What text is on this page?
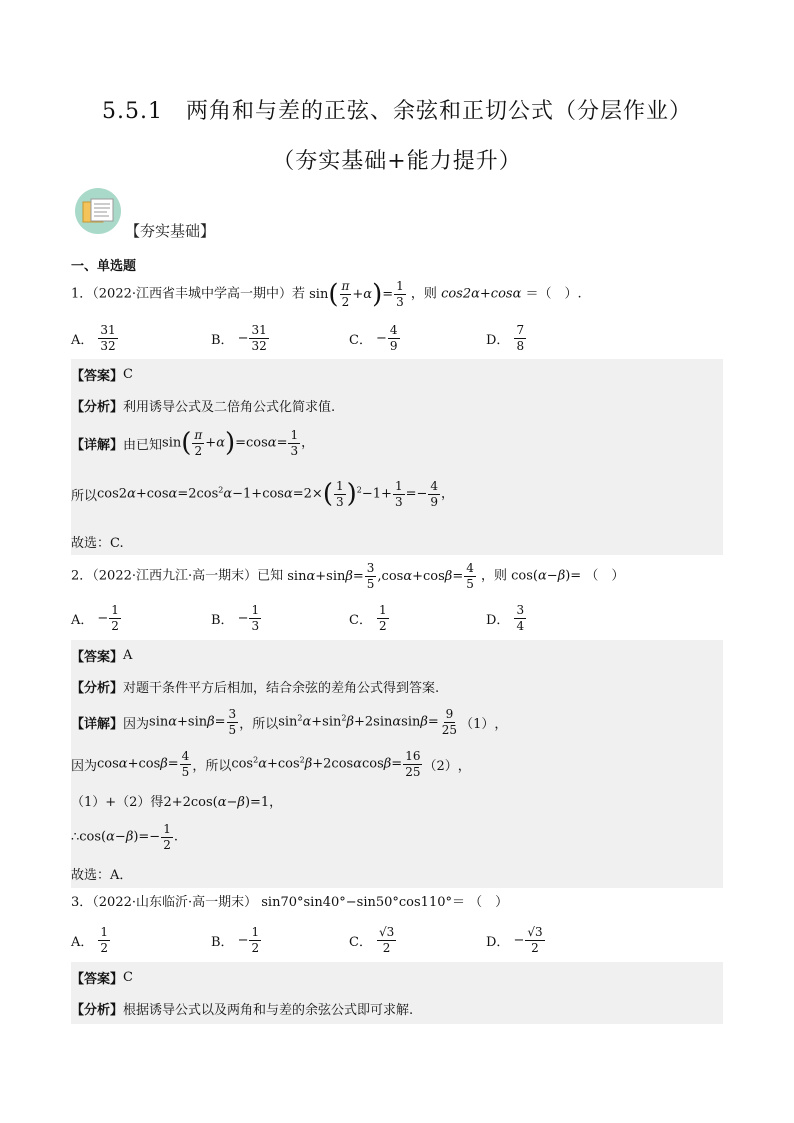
5.5.1　两角和与差的正弦、余弦和正切公式（分层作业）
（夯实基础+能力提升）
【夯实基础】
一、单选题
1．（2022·江西省丰城中学高一期中）若 $\sin( \frac{\pi}{2} +\alpha)= \frac{1}{3}$ ，则 cos2α+cosα ＝（　）.
A． $\frac{31}{32}$	B． − $\frac{31}{32}$	C． − $\frac{4}{9}$	D． $\frac{7}{8}$
【答案】 C
【分析】 利用诱导公式及二倍角公式化简求值.
【详解】 由已知 $\sin( \frac{\pi}{2} +\alpha)=\cos\alpha= \frac{1}{3}$ ，
所以 $\cos 2\alpha+\cos\alpha=2\cos^2\alpha-1+\cos\alpha=2\times( \frac{1}{3} )^2-1+ \frac{1}{3} =- \frac{4}{9}$ ，
故选：C.
2．（2022·江西九江·高一期末）已知 $\sin\alpha+\sin\beta= \frac{3}{5} ,\cos\alpha+\cos\beta= \frac{4}{5}$ ，则 cos(α−β)= （　）
A． − $\frac{1}{2}$	B． − $\frac{1}{3}$	C． $\frac{1}{2}$	D． $\frac{3}{4}$
【答案】 A
【分析】 对题干条件平方后相加，结合余弦的差角公式得到答案.
【详解】 因为 $\sin\alpha+\sin\beta= \frac{3}{5}$ ，所以 $\sin^2\alpha+\sin^2\beta+2\sin\alpha\sin\beta= \frac{9}{25} (1)$ ，
因为 $\cos\alpha+\cos\beta= \frac{4}{5}$ ，所以 $\cos^2\alpha+\cos^2\beta+2\cos\alpha\cos\beta= \frac{16}{25} (2)$ ，
（1）+（2）得 2+2cos(α−β)=1，
∴ $\cos(\alpha-\beta)=- \frac{1}{2}$ .
故选：A．
3．（2022·山东临沂·高一期末） sin70°sin40°−sin50°cos110°＝ （　）
A． $\frac{1}{2}$	B． − $\frac{1}{2}$	C． $\frac{√3}{2}$	D． − $\frac{√3}{2}$
【答案】 C
【分析】 根据诱导公式以及两角和与差的余弦公式即可求解.
